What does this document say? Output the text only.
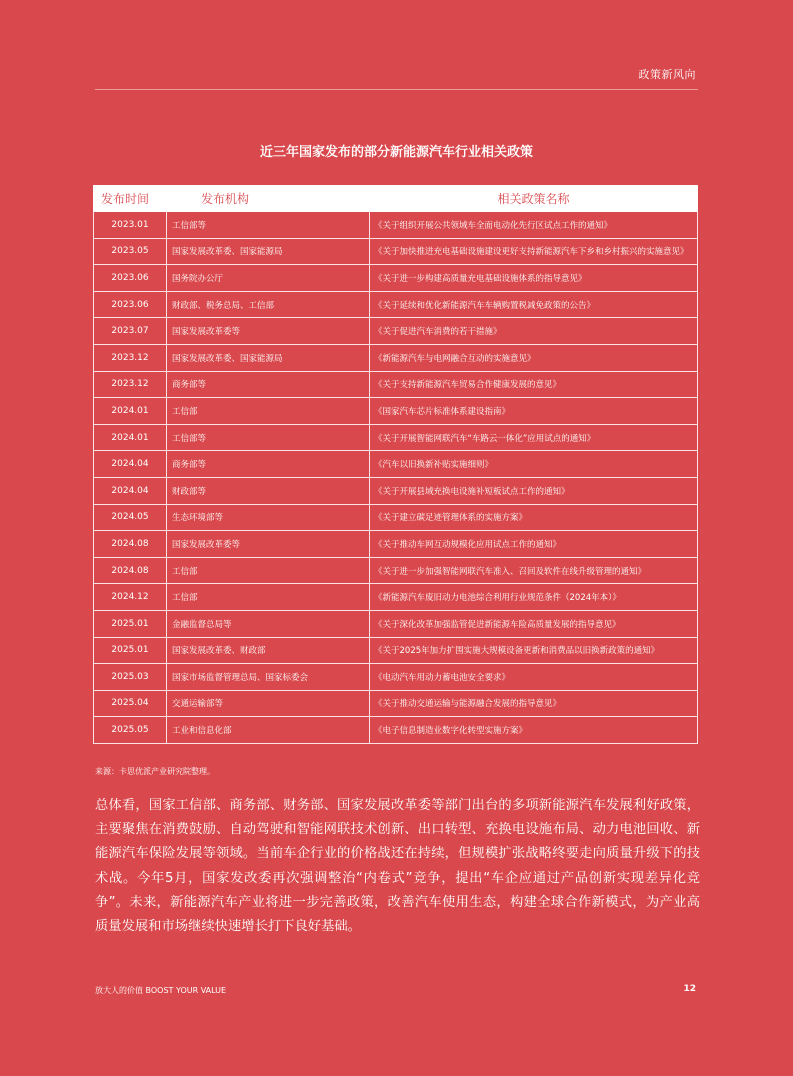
政策新风向
近三年国家发布的部分新能源汽车行业相关政策
发布时间	发布机构	相关政策名称
2023.01	工信部等	《关于组织开展公共领域车全面电动化先行区试点工作的通知》
2023.05	国家发展改革委、国家能源局	《关于加快推进充电基础设施建设更好支持新能源汽车下乡和乡村振兴的实施意见》
2023.06	国务院办公厅	《关于进一步构建高质量充电基础设施体系的指导意见》
2023.06	财政部、税务总局、工信部	《关于延续和优化新能源汽车车辆购置税减免政策的公告》
2023.07	国家发展改革委等	《关于促进汽车消费的若干措施》
2023.12	国家发展改革委、国家能源局	《新能源汽车与电网融合互动的实施意见》
2023.12	商务部等	《关于支持新能源汽车贸易合作健康发展的意见》
2024.01	工信部	《国家汽车芯片标准体系建设指南》
2024.01	工信部等	《关于开展智能网联汽车“车路云一体化”应用试点的通知》
2024.04	商务部等	《汽车以旧换新补贴实施细则》
2024.04	财政部等	《关于开展县域充换电设施补短板试点工作的通知》
2024.05	生态环境部等	《关于建立碳足迹管理体系的实施方案》
2024.08	国家发展改革委等	《关于推动车网互动规模化应用试点工作的通知》
2024.08	工信部	《关于进一步加强智能网联汽车准入、召回及软件在线升级管理的通知》
2024.12	工信部	《新能源汽车废旧动力电池综合利用行业规范条件（2024年本）》
2025.01	金融监督总局等	《关于深化改革加强监管促进新能源车险高质量发展的指导意见》
2025.01	国家发展改革委、财政部	《关于2025年加力扩围实施大规模设备更新和消费品以旧换新政策的通知》
2025.03	国家市场监督管理总局、国家标委会	《电动汽车用动力蓄电池安全要求》
2025.04	交通运输部等	《关于推动交通运输与能源融合发展的指导意见》
2025.05	工业和信息化部	《电子信息制造业数字化转型实施方案》
来源：卡思优派产业研究院整理。

总体看，国家工信部、商务部、财务部、国家发展改革委等部门出台的多项新能源汽车发展利好政策，主要聚焦在消费鼓励、自动驾驶和智能网联技术创新、出口转型、充换电设施布局、动力电池回收、新能源汽车保险发展等领域。当前车企行业的价格战还在持续，但规模扩张战略终要走向质量升级下的技术战。今年5月，国家发改委再次强调整治“内卷式”竞争，提出“车企应通过产品创新实现差异化竞争”。未来，新能源汽车产业将进一步完善政策，改善汽车使用生态，构建全球合作新模式，为产业高质量发展和市场继续快速增长打下良好基础。

放大人的价值 BOOST YOUR VALUE	12
